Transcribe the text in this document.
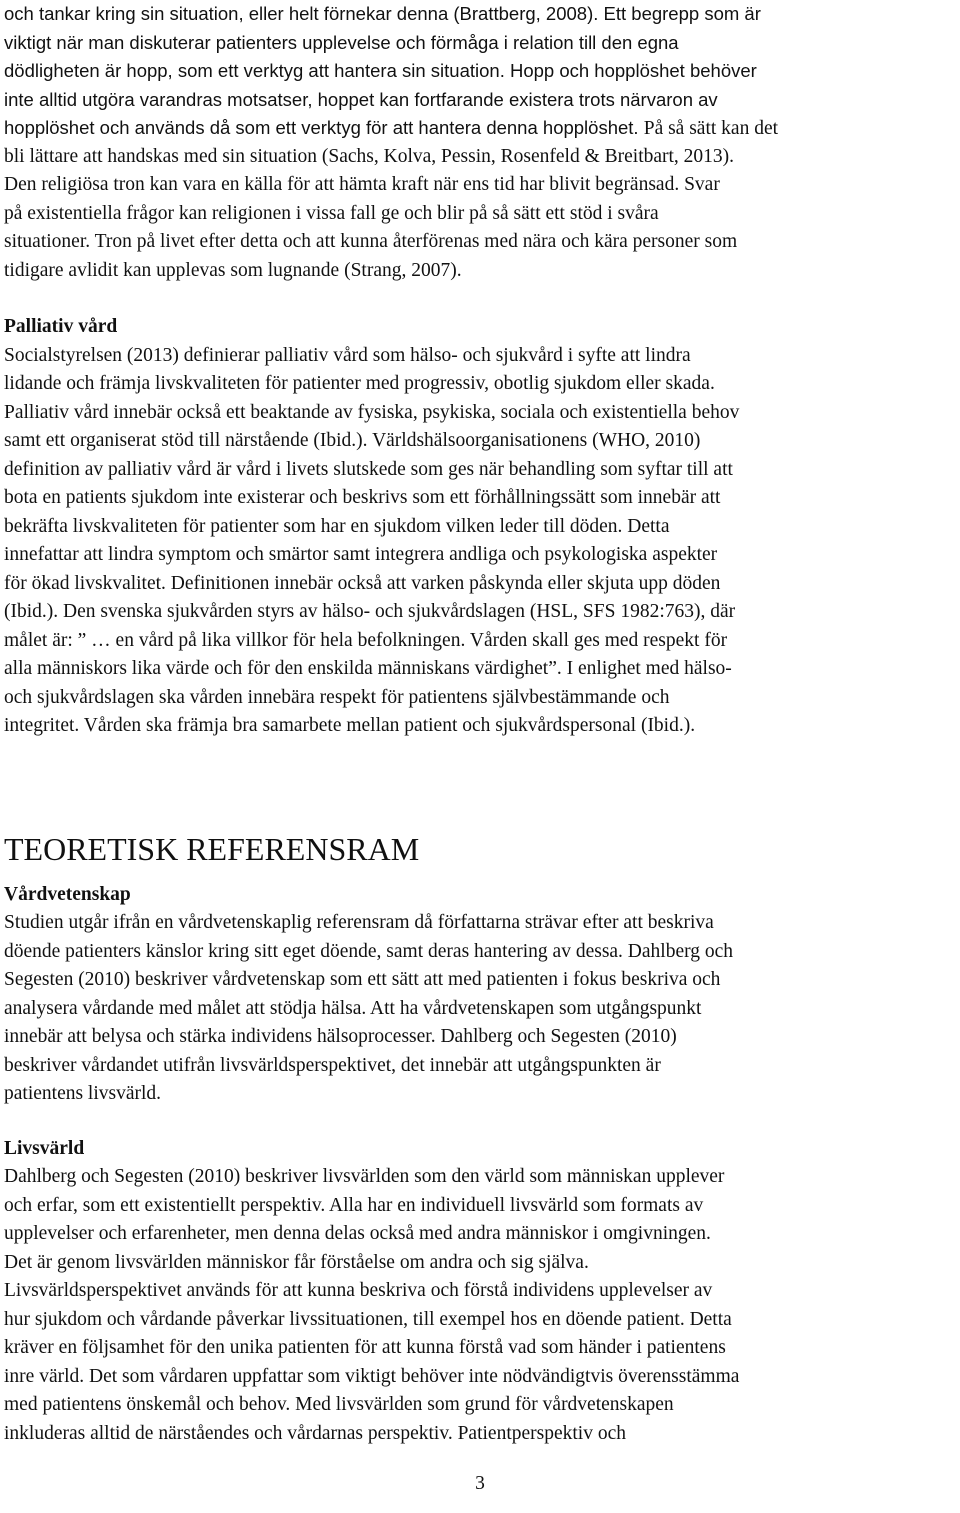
och tankar kring sin situation, eller helt förnekar denna (Brattberg, 2008). Ett begrepp som är
viktigt när man diskuterar patienters upplevelse och förmåga i relation till den egna
dödligheten är hopp, som ett verktyg att hantera sin situation. Hopp och hopplöshet behöver
inte alltid utgöra varandras motsatser, hoppet kan fortfarande existera trots närvaron av
hopplöshet och används då som ett verktyg för att hantera denna hopplöshet. På så sätt kan det
bli lättare att handskas med sin situation (Sachs, Kolva, Pessin, Rosenfeld & Breitbart, 2013).
Den religiösa tron kan vara en källa för att hämta kraft när ens tid har blivit begränsad. Svar
på existentiella frågor kan religionen i vissa fall ge och blir på så sätt ett stöd i svåra
situationer. Tron på livet efter detta och att kunna återförenas med nära och kära personer som
tidigare avlidit kan upplevas som lugnande (Strang, 2007).
Palliativ vård
Socialstyrelsen (2013) definierar palliativ vård som hälso- och sjukvård i syfte att lindra
lidande och främja livskvaliteten för patienter med progressiv, obotlig sjukdom eller skada.
Palliativ vård innebär också ett beaktande av fysiska, psykiska, sociala och existentiella behov
samt ett organiserat stöd till närstående (Ibid.). Världshälsoorganisationens (WHO, 2010)
definition av palliativ vård är vård i livets slutskede som ges när behandling som syftar till att
bota en patients sjukdom inte existerar och beskrivs som ett förhållningssätt som innebär att
bekräfta livskvaliteten för patienter som har en sjukdom vilken leder till döden. Detta
innefattar att lindra symptom och smärtor samt integrera andliga och psykologiska aspekter
för ökad livskvalitet. Definitionen innebär också att varken påskynda eller skjuta upp döden
(Ibid.). Den svenska sjukvården styrs av hälso- och sjukvårdslagen (HSL, SFS 1982:763), där
målet är: ” … en vård på lika villkor för hela befolkningen. Vården skall ges med respekt för
alla människors lika värde och för den enskilda människans värdighet”. I enlighet med hälso-
och sjukvårdslagen ska vården innebära respekt för patientens självbestämmande och
integritet. Vården ska främja bra samarbete mellan patient och sjukvårdspersonal (Ibid.).
TEORETISK REFERENSRAM
Vårdvetenskap
Studien utgår ifrån en vårdvetenskaplig referensram då författarna strävar efter att beskriva
döende patienters känslor kring sitt eget döende, samt deras hantering av dessa. Dahlberg och
Segesten (2010) beskriver vårdvetenskap som ett sätt att med patienten i fokus beskriva och
analysera vårdande med målet att stödja hälsa. Att ha vårdvetenskapen som utgångspunkt
innebär att belysa och stärka individens hälsoprocesser. Dahlberg och Segesten (2010)
beskriver vårdandet utifrån livsvärldsperspektivet, det innebär att utgångspunkten är
patientens livsvärld.
Livsvärld
Dahlberg och Segesten (2010) beskriver livsvärlden som den värld som människan upplever
och erfar, som ett existentiellt perspektiv. Alla har en individuell livsvärld som formats av
upplevelser och erfarenheter, men denna delas också med andra människor i omgivningen.
Det är genom livsvärlden människor får förståelse om andra och sig själva.
Livsvärldsperspektivet används för att kunna beskriva och förstå individens upplevelser av
hur sjukdom och vårdande påverkar livssituationen, till exempel hos en döende patient. Detta
kräver en följsamhet för den unika patienten för att kunna förstå vad som händer i patientens
inre värld. Det som vårdaren uppfattar som viktigt behöver inte nödvändigtvis överensstämma
med patientens önskemål och behov. Med livsvärlden som grund för vårdvetenskapen
inkluderas alltid de närståendes och vårdarnas perspektiv. Patientperspektiv och
3
